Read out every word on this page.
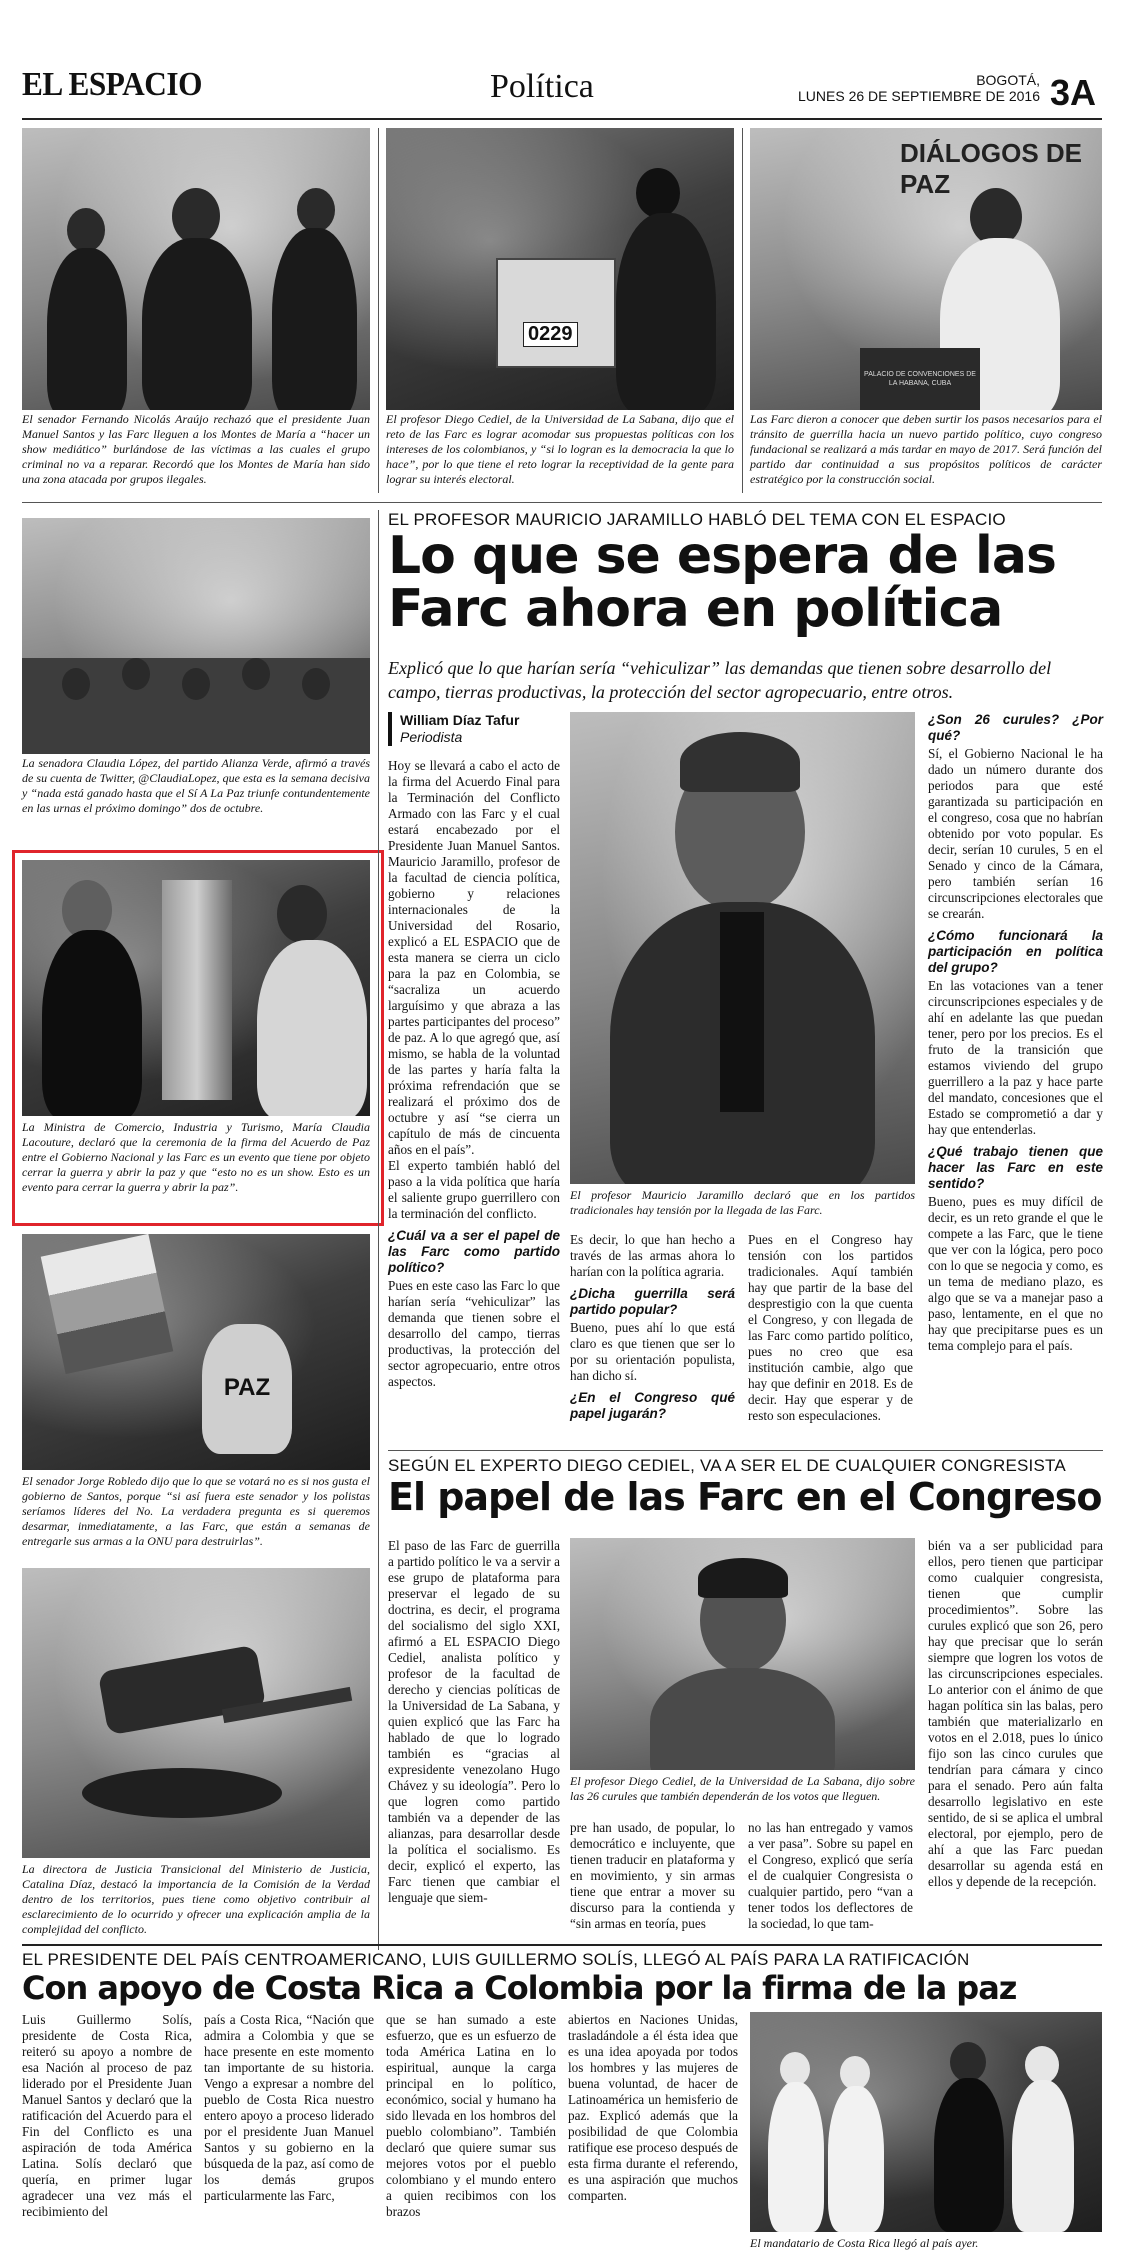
EL ESPACIO	Política	BOGOTÁ,
LUNES 26 DE SEPTIEMBRE DE 2016 3A
El senador Fernando Nicolás Araújo rechazó que el presidente Juan Manuel Santos y las Farc lleguen a los Montes de María a “hacer un show mediático” burlándose de las víctimas a las cuales el grupo criminal no va a reparar. Recordó que los Montes de María han sido una zona atacada por grupos ilegales.
0229
El profesor Diego Cediel, de la Universidad de La Sabana, dijo que el reto de las Farc es lograr acomodar sus propuestas políticas con los intereses de los colombianos, y “si lo logran es la democracia la que lo hace”, por lo que tiene el reto lograr la receptividad de la gente para lograr su interés electoral.
DIÁLOGOS DE PAZ
PALACIO DE CONVENCIONES DE LA HABANA, CUBA
Las Farc dieron a conocer que deben surtir los pasos necesarios para el tránsito de guerrilla hacia un nuevo partido político, cuyo congreso fundacional se realizará a más tardar en mayo de 2017. Será función del partido dar continuidad a sus propósitos políticos de carácter estratégico por la construcción social.
La senadora Claudia López, del partido Alianza Verde, afirmó a través de su cuenta de Twitter, @ClaudiaLopez, que esta es la semana decisiva y “nada está ganado hasta que el Sí A La Paz triunfe contundentemente en las urnas el próximo domingo” dos de octubre.
La Ministra de Comercio, Industria y Turismo, María Claudia Lacouture, declaró que la ceremonia de la firma del Acuerdo de Paz entre el Gobierno Nacional y las Farc es un evento que tiene por objeto cerrar la guerra y abrir la paz y que “esto no es un show. Esto es un evento para cerrar la guerra y abrir la paz”.
PAZ
El senador Jorge Robledo dijo que lo que se votará no es si nos gusta el gobierno de Santos, porque “si así fuera este senador y los polistas seríamos líderes del No. La verdadera pregunta es si queremos desarmar, inmediatamente, a las Farc, que están a semanas de entregarle sus armas a la ONU para destruirlas”.
La directora de Justicia Transicional del Ministerio de Justicia, Catalina Díaz, destacó la importancia de la Comisión de la Verdad dentro de los territorios, pues tiene como objetivo contribuir al esclarecimiento de lo ocurrido y ofrecer una explicación amplia de la complejidad del conflicto.
EL PROFESOR MAURICIO JARAMILLO HABLÓ DEL TEMA CON EL ESPACIO
Lo que se espera de las Farc ahora en política
Explicó que lo que harían sería “vehiculizar” las demandas que tienen sobre desarrollo del campo, tierras productivas, la protección del sector agropecuario, entre otros.
William Díaz Tafur
Periodista

Hoy se llevará a cabo el acto de la firma del Acuerdo Final para la Terminación del Conflicto Armado con las Farc y el cual estará encabezado por el Presidente Juan Manuel Santos. Mauricio Jaramillo, profesor de la facultad de ciencia política, gobierno y relaciones internacionales de la Universidad del Rosario, explicó a EL ESPACIO que de esta manera se cierra un ciclo para la paz en Colombia, se “sacraliza un acuerdo larguísimo y que abraza a las partes participantes del proceso” de paz. A lo que agregó que, así mismo, se habla de la voluntad de las partes y haría falta la próxima refrendación que se realizará el próximo dos de octubre y así “se cierra un capítulo de más de cincuenta años en el país”.

El experto también habló del paso a la vida política que haría el saliente grupo guerrillero con la terminación del conflicto.

¿Cuál va a ser el papel de las Farc como partido político?

Pues en este caso las Farc lo que harían sería “vehiculizar” las demanda que tienen sobre el desarrollo del campo, tierras productivas, la protección del sector agropecuario, entre otros aspectos.

El profesor Mauricio Jaramillo declaró que en los partidos tradicionales hay tensión por la llegada de las Farc.

Es decir, lo que han hecho a través de las armas ahora lo harían con la política agraria.

¿Dicha guerrilla será partido popular?

Bueno, pues ahí lo que está claro es que tienen que ser lo por su orientación populista, han dicho sí.

¿En el Congreso qué papel jugarán?

Pues en el Congreso hay tensión con los partidos tradicionales. Aquí también hay que partir de la base del desprestigio con la que cuenta el Congreso, y con llegada de las Farc como partido político, pues no creo que esa institución cambie, algo que hay que definir en 2018. Es de decir. Hay que esperar y de resto son especulaciones.

¿Son 26 curules? ¿Por qué?

Sí, el Gobierno Nacional le ha dado un número durante dos periodos para que esté garantizada su participación en el congreso, cosa que no habrían obtenido por voto popular. Es decir, serían 10 curules, 5 en el Senado y cinco de la Cámara, pero también serían 16 circunscripciones electorales que se crearán.

¿Cómo funcionará la participación en política del grupo?

En las votaciones van a tener circunscripciones especiales y de ahí en adelante las que puedan tener, pero por los precios. Es el fruto de la transición que estamos viviendo del grupo guerrillero a la paz y hace parte del mandato, concesiones que el Estado se comprometió a dar y hay que entenderlas.

¿Qué trabajo tienen que hacer las Farc en este sentido?

Bueno, pues es muy difícil de decir, es un reto grande el que le compete a las Farc, que le tiene que ver con la lógica, pero poco con lo que se negocia y como, es un tema de mediano plazo, es algo que se va a manejar paso a paso, lentamente, en el que no hay que precipitarse pues es un tema complejo para el país.

SEGÚN EL EXPERTO DIEGO CEDIEL, VA A SER EL DE CUALQUIER CONGRESISTA
El papel de las Farc en el Congreso

El paso de las Farc de guerrilla a partido político le va a servir a ese grupo de plataforma para preservar el legado de su doctrina, es decir, el programa del socialismo del siglo XXI, afirmó a EL ESPACIO Diego Cediel, analista político y profesor de la facultad de derecho y ciencias políticas de la Universidad de La Sabana, y quien explicó que las Farc ha hablado de que lo logrado también es “gracias al expresidente venezolano Hugo Chávez y su ideología”. Pero lo que logren como partido también va a depender de las alianzas, para desarrollar desde la política el socialismo. Es decir, explicó el experto, las Farc tienen que cambiar el lenguaje que siem-

El profesor Diego Cediel, de la Universidad de La Sabana, dijo sobre las 26 curules que también dependerán de los votos que lleguen.

pre han usado, de popular, lo democrático e incluyente, que tienen traducir en plataforma y en movimiento, y sin armas tiene que entrar a mover su discurso para la contienda y “sin armas en teoría, pues

no las han entregado y vamos a ver pasa”. Sobre su papel en el Congreso, explicó que sería el de cualquier Congresista o cualquier partido, pero “van a tener todos los deflectores de la sociedad, lo que tam-

bién va a ser publicidad para ellos, pero tienen que participar como cualquier congresista, tienen que cumplir procedimientos”. Sobre las curules explicó que son 26, pero hay que precisar que lo serán siempre que logren los votos de las circunscripciones especiales. Lo anterior con el ánimo de que hagan política sin las balas, pero también que materializarlo en votos en el 2.018, pues lo único fijo son las cinco curules que tendrían para cámara y cinco para el senado. Pero aún falta desarrollo legislativo en este sentido, de si se aplica el umbral electoral, por ejemplo, pero de ahí a que las Farc puedan desarrollar su agenda está en ellos y depende de la recepción.

EL PRESIDENTE DEL PAÍS CENTROAMERICANO, LUIS GUILLERMO SOLÍS, LLEGÓ AL PAÍS PARA LA RATIFICACIÓN
Con apoyo de Costa Rica a Colombia por la firma de la paz

Luis Guillermo Solís, presidente de Costa Rica, reiteró su apoyo a nombre de esa Nación al proceso de paz liderado por el Presidente Juan Manuel Santos y declaró que la ratificación del Acuerdo para el Fin del Conflicto es una aspiración de toda América Latina. Solís declaró que quería, en primer lugar agradecer una vez más el recibimiento del

país a Costa Rica, “Nación que admira a Colombia y que se hace presente en este momento tan importante de su historia. Vengo a expresar a nombre del pueblo de Costa Rica nuestro entero apoyo a proceso liderado por el presidente Juan Manuel Santos y su gobierno en la búsqueda de la paz, así como de los demás grupos particularmente las Farc,

que se han sumado a este esfuerzo, que es un esfuerzo de toda América Latina en lo espiritual, aunque la carga principal en lo político, económico, social y humano ha sido llevada en los hombros del pueblo colombiano”. También declaró que quiere sumar sus mejores votos por el pueblo colombiano y el mundo entero a quien recibimos con los brazos

abiertos en Naciones Unidas, trasladándole a él ésta idea que es una idea apoyada por todos los hombres y las mujeres de buena voluntad, de hacer de Latinoamérica un hemisferio de paz. Explicó además que la posibilidad de que Colombia ratifique ese proceso después de esta firma durante el referendo, es una aspiración que muchos comparten.

El mandatario de Costa Rica llegó al país ayer.
